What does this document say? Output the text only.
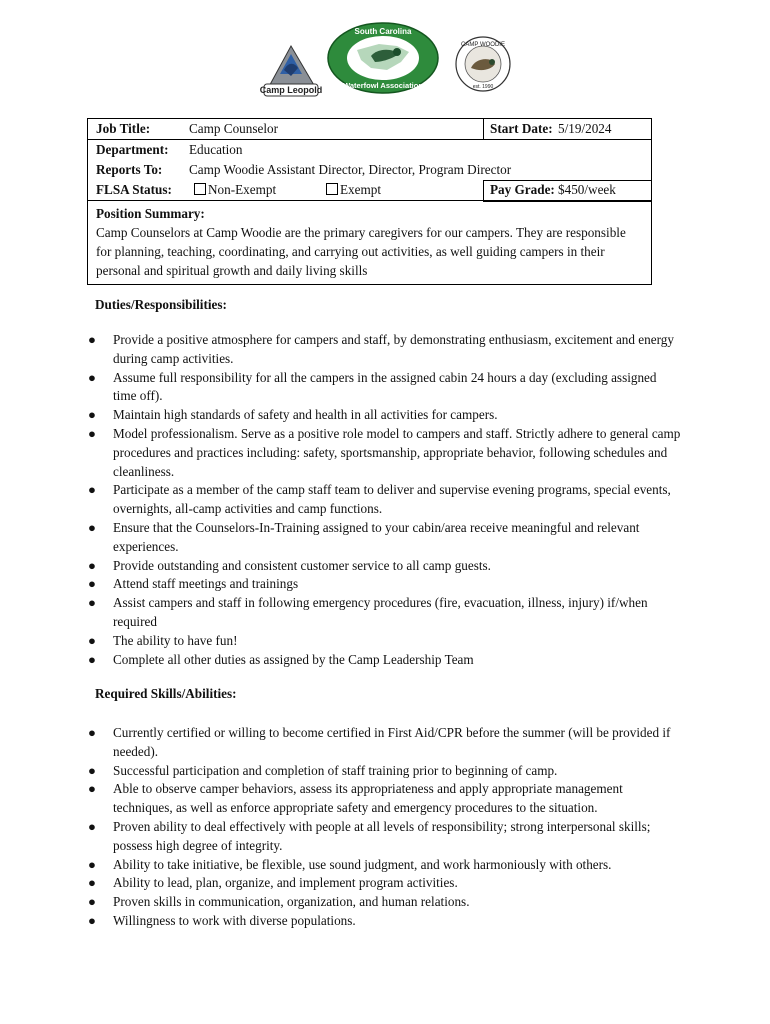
Camp Leopold
South Carolina
Waterfowl Association
CAMP WOODIE
est. 1990
Job Title:	Camp Counselor	Start Date: 5/19/2024
Department: Education
Reports To: Camp Woodie Assistant Director, Director, Program Director
FLSA Status:	Non-Exempt	Exempt	Pay Grade: $450/week
Position Summary:
Camp Counselors at Camp Woodie are the primary caregivers for our campers. They are responsible for planning, teaching, coordinating, and carrying out activities, as well guiding campers in their personal and spiritual growth and daily living skills
Duties/Responsibilities:
● Provide a positive atmosphere for campers and staff, by demonstrating enthusiasm, excitement and energy during camp activities.
● Assume full responsibility for all the campers in the assigned cabin 24 hours a day (excluding assigned time off).
● Maintain high standards of safety and health in all activities for campers.
● Model professionalism. Serve as a positive role model to campers and staff. Strictly adhere to general camp procedures and practices including: safety, sportsmanship, appropriate behavior, following schedules and cleanliness.
● Participate as a member of the camp staff team to deliver and supervise evening programs, special events, overnights, all-camp activities and camp functions.
● Ensure that the Counselors-In-Training assigned to your cabin/area receive meaningful and relevant experiences.
● Provide outstanding and consistent customer service to all camp guests.
● Attend staff meetings and trainings
● Assist campers and staff in following emergency procedures (fire, evacuation, illness, injury) if/when required
● The ability to have fun!
● Complete all other duties as assigned by the Camp Leadership Team
Required Skills/Abilities:
● Currently certified or willing to become certified in First Aid/CPR before the summer (will be provided if needed).
● Successful participation and completion of staff training prior to beginning of camp.
● Able to observe camper behaviors, assess its appropriateness and apply appropriate management techniques, as well as enforce appropriate safety and emergency procedures to the situation.
● Proven ability to deal effectively with people at all levels of responsibility; strong interpersonal skills; possess high degree of integrity.
● Ability to take initiative, be flexible, use sound judgment, and work harmoniously with others.
● Ability to lead, plan, organize, and implement program activities.
● Proven skills in communication, organization, and human relations.
● Willingness to work with diverse populations.
